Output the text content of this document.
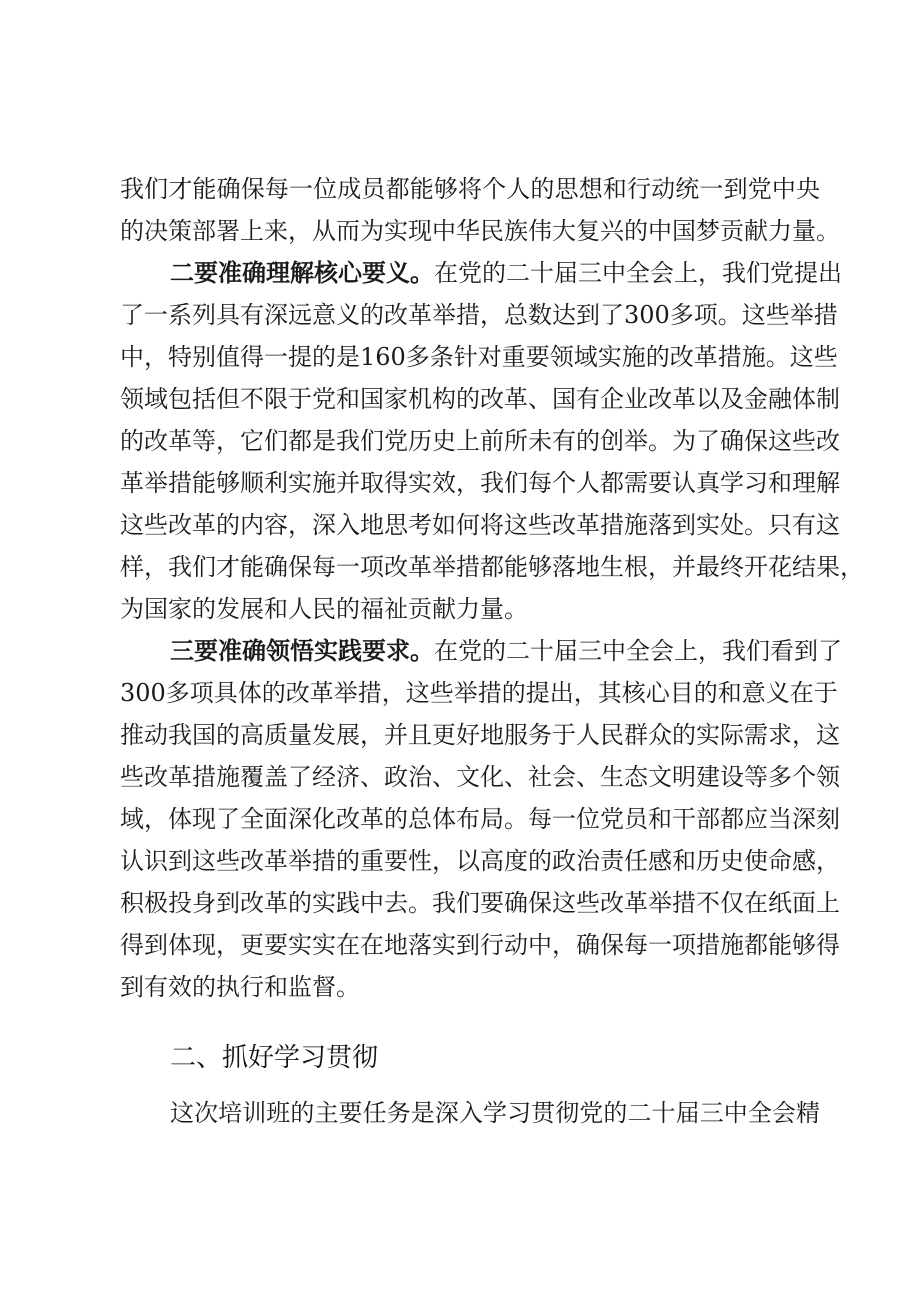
我们才能确保每一位成员都能够将个人的思想和行动统一到党中央
的决策部署上来，从而为实现中华民族伟大复兴的中国梦贡献力量。
二要准确理解核心要义。在党的二十届三中全会上，我们党提出
了一系列具有深远意义的改革举措，总数达到了300多项。这些举措
中，特别值得一提的是160多条针对重要领域实施的改革措施。这些
领域包括但不限于党和国家机构的改革、国有企业改革以及金融体制
的改革等，它们都是我们党历史上前所未有的创举。为了确保这些改
革举措能够顺利实施并取得实效，我们每个人都需要认真学习和理解
这些改革的内容，深入地思考如何将这些改革措施落到实处。只有这
样，我们才能确保每一项改革举措都能够落地生根，并最终开花结果，
为国家的发展和人民的福祉贡献力量。
三要准确领悟实践要求。在党的二十届三中全会上，我们看到了
300多项具体的改革举措，这些举措的提出，其核心目的和意义在于
推动我国的高质量发展，并且更好地服务于人民群众的实际需求，这
些改革措施覆盖了经济、政治、文化、社会、生态文明建设等多个领
域，体现了全面深化改革的总体布局。每一位党员和干部都应当深刻
认识到这些改革举措的重要性，以高度的政治责任感和历史使命感，
积极投身到改革的实践中去。我们要确保这些改革举措不仅在纸面上
得到体现，更要实实在在地落实到行动中，确保每一项措施都能够得
到有效的执行和监督。
二、抓好学习贯彻
这次培训班的主要任务是深入学习贯彻党的二十届三中全会精
